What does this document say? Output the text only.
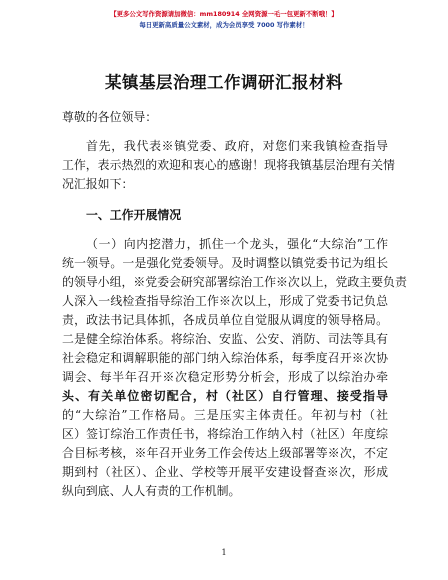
【更多公文写作资源请加微信：mm180914 全网资源一毛一包更新不断哦！】
每日更新高质量公文素材，成为会员享受 7000 写作素材！
某镇基层治理工作调研汇报材料
尊敬的各位领导：
首先，我代表※镇党委、政府，对您们来我镇检查指导
工作，表示热烈的欢迎和衷心的感谢！现将我镇基层治理有关情
况汇报如下：
一、工作开展情况
（一）向内挖潜力，抓住一个龙头，强化“大综治”工作
统一领导。一是强化党委领导。及时调整以镇党委书记为组长
的领导小组，※党委会研究部署综治工作※次以上，党政主要负责
人深入一线检查指导综治工作※次以上，形成了党委书记负总
责，政法书记具体抓，各成员单位自觉服从调度的领导格局。
二是健全综治体系。将综治、安监、公安、消防、司法等具有
社会稳定和调解职能的部门纳入综治体系，每季度召开※次协
调会、每半年召开※次稳定形势分析会，形成了以综治办牵
头、有关单位密切配合，村（社区）自行管理、接受指导
的“大综治”工作格局。三是压实主体责任。年初与村（社
区）签订综治工作责任书，将综治工作纳入村（社区）年度综
合目标考核，※年召开业务工作会传达上级部署等※次，不定
期到村（社区）、企业、学校等开展平安建设督查※次，形成
纵向到底、人人有责的工作机制。
1
